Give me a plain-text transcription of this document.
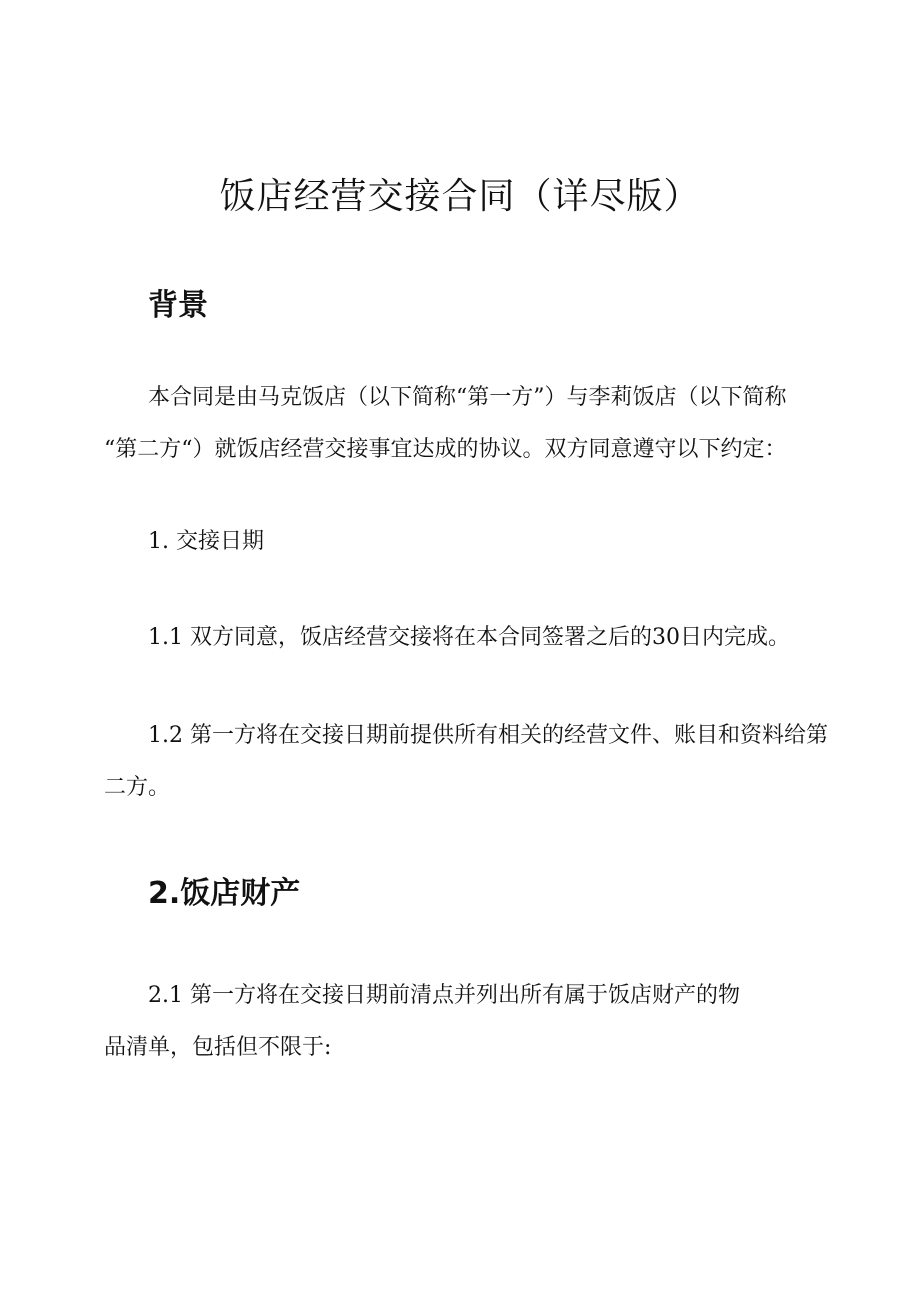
饭店经营交接合同（详尽版）
背景
本合同是由马克饭店（以下简称“第一方”）与李莉饭店（以下简称
“第二方“）就饭店经营交接事宜达成的协议。双方同意遵守以下约定：
1. 交接日期
1.1 双方同意，饭店经营交接将在本合同签署之后的30日内完成。
1.2 第一方将在交接日期前提供所有相关的经营文件、账目和资料给第
二方。
2.饭店财产
2.1 第一方将在交接日期前清点并列出所有属于饭店财产的物
品清单，包括但不限于:
